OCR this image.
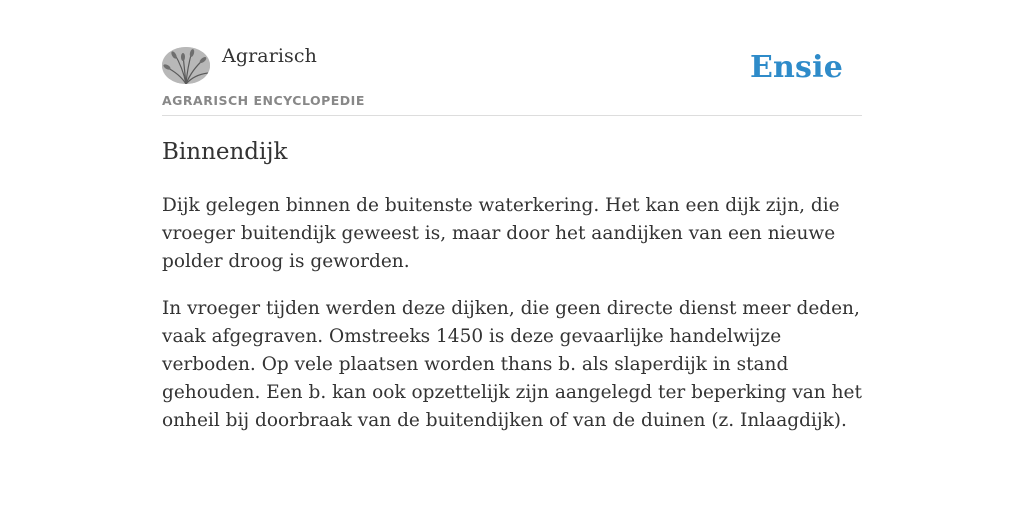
Agrarisch
AGRARISCH ENCYCLOPEDIE
Ensie
Binnendijk

Dijk gelegen binnen de buitenste waterkering. Het kan een dijk zijn, die vroeger buitendijk geweest is, maar door het aandijken van een nieuwe polder droog is geworden.

In vroeger tijden werden deze dijken, die geen directe dienst meer deden, vaak afgegraven. Omstreeks 1450 is deze gevaarlijke handelwijze verboden. Op vele plaatsen worden thans b. als slaperdijk in stand gehouden. Een b. kan ook opzettelijk zijn aangelegd ter beperking van het onheil bij doorbraak van de buitendijken of van de duinen (z. Inlaagdijk).
